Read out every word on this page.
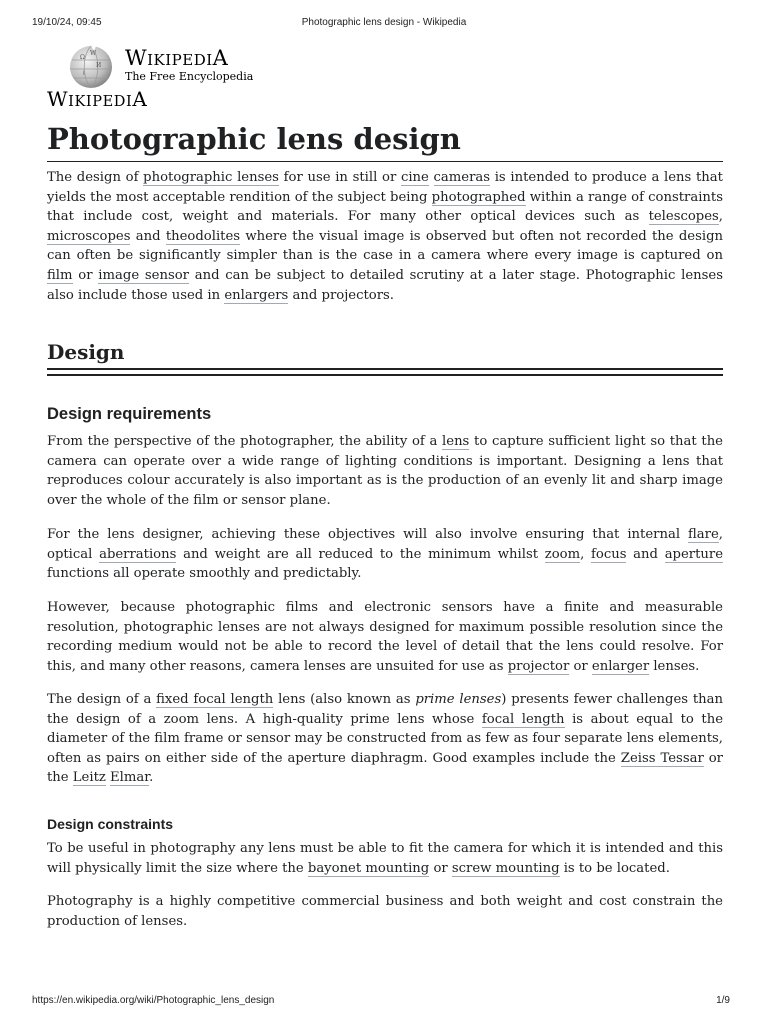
19/10/24, 09:45	Photographic lens design - Wikipedia
Ω
W
И
ا
WIKIPEDIA
The Free Encyclopedia
WIKIPEDIA
Photographic lens design

The design of photographic lenses for use in still or cine cameras is intended to produce a lens that yields the most acceptable rendition of the subject being photographed within a range of constraints that include cost, weight and materials. For many other optical devices such as telescopes, microscopes and theodolites where the visual image is observed but often not recorded the design can often be significantly simpler than is the case in a camera where every image is captured on film or image sensor and can be subject to detailed scrutiny at a later stage. Photographic lenses also include those used in enlargers and projectors.

Design
Design requirements

From the perspective of the photographer, the ability of a lens to capture sufficient light so that the camera can operate over a wide range of lighting conditions is important. Designing a lens that reproduces colour accurately is also important as is the production of an evenly lit and sharp image over the whole of the film or sensor plane.

For the lens designer, achieving these objectives will also involve ensuring that internal flare, optical aberrations and weight are all reduced to the minimum whilst zoom, focus and aperture functions all operate smoothly and predictably.

However, because photographic films and electronic sensors have a finite and measurable resolution, photographic lenses are not always designed for maximum possible resolution since the recording medium would not be able to record the level of detail that the lens could resolve. For this, and many other reasons, camera lenses are unsuited for use as projector or enlarger lenses.

The design of a fixed focal length lens (also known as prime lenses) presents fewer challenges than the design of a zoom lens. A high-quality prime lens whose focal length is about equal to the diameter of the film frame or sensor may be constructed from as few as four separate lens elements, often as pairs on either side of the aperture diaphragm. Good examples include the Zeiss Tessar or the Leitz Elmar.

Design constraints

To be useful in photography any lens must be able to fit the camera for which it is intended and this will physically limit the size where the bayonet mounting or screw mounting is to be located.

Photography is a highly competitive commercial business and both weight and cost constrain the production of lenses.

https://en.wikipedia.org/wiki/Photographic_lens_design	1/9
